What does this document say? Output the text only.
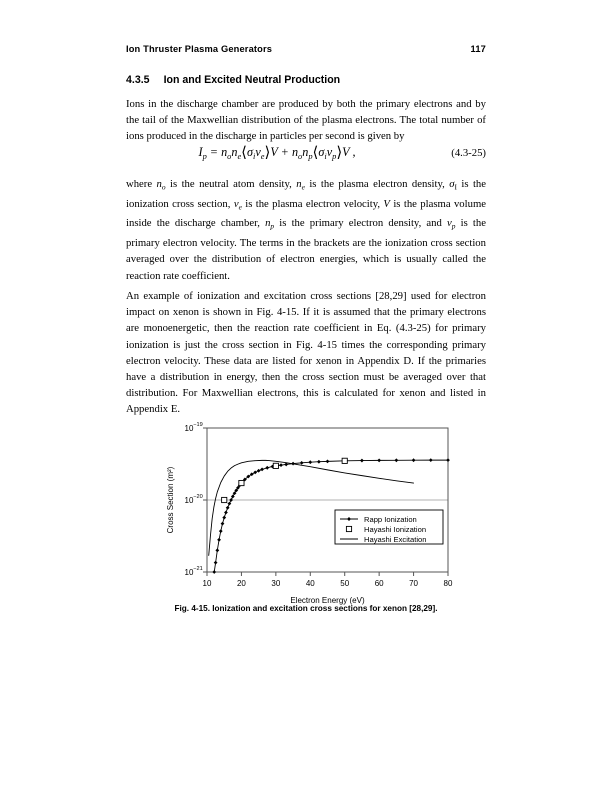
Ion Thruster Plasma Generators	117
4.3.5 Ion and Excited Neutral Production
Ions in the discharge chamber are produced by both the primary electrons and by the tail of the Maxwellian distribution of the plasma electrons. The total number of ions produced in the discharge in particles per second is given by
$I_p$ = $n_on_e⟨\sigma_iv_e⟩V$ + $n_on_p⟨\sigma_iv_p⟩V$ ,	(4.3-25)
where $n_o$ is the neutral atom density, $n_e$ is the plasma electron density, $\sigma_I$ is the ionization cross section, $v_e$ is the plasma electron velocity, V is the plasma volume inside the discharge chamber, $n_p$ is the primary electron density, and $v_p$ is the primary electron velocity. The terms in the brackets are the ionization cross section averaged over the distribution of electron energies, which is usually called the reaction rate coefficient.
An example of ionization and excitation cross sections [28,29] used for electron impact on xenon is shown in Fig. 4-15. If it is assumed that the primary electrons are monoenergetic, then the reaction rate coefficient in Eq. (4.3-25) for primary ionization is just the cross section in Fig. 4-15 times the corresponding primary electron velocity. These data are listed for xenon in Appendix D. If the primaries have a distribution in energy, then the cross section must be averaged over that distribution. For Maxwellian electrons, this is calculated for xenon and listed in Appendix E.
10	20	30	40	50	60	70	80
10 −21
10 −20
10 −19
Electron Energy (eV)
Cross Section (m²)	Rapp Ionization
Hayashi Ionization
Hayashi Excitation
Fig. 4-15. Ionization and excitation cross sections for xenon [28,29].
